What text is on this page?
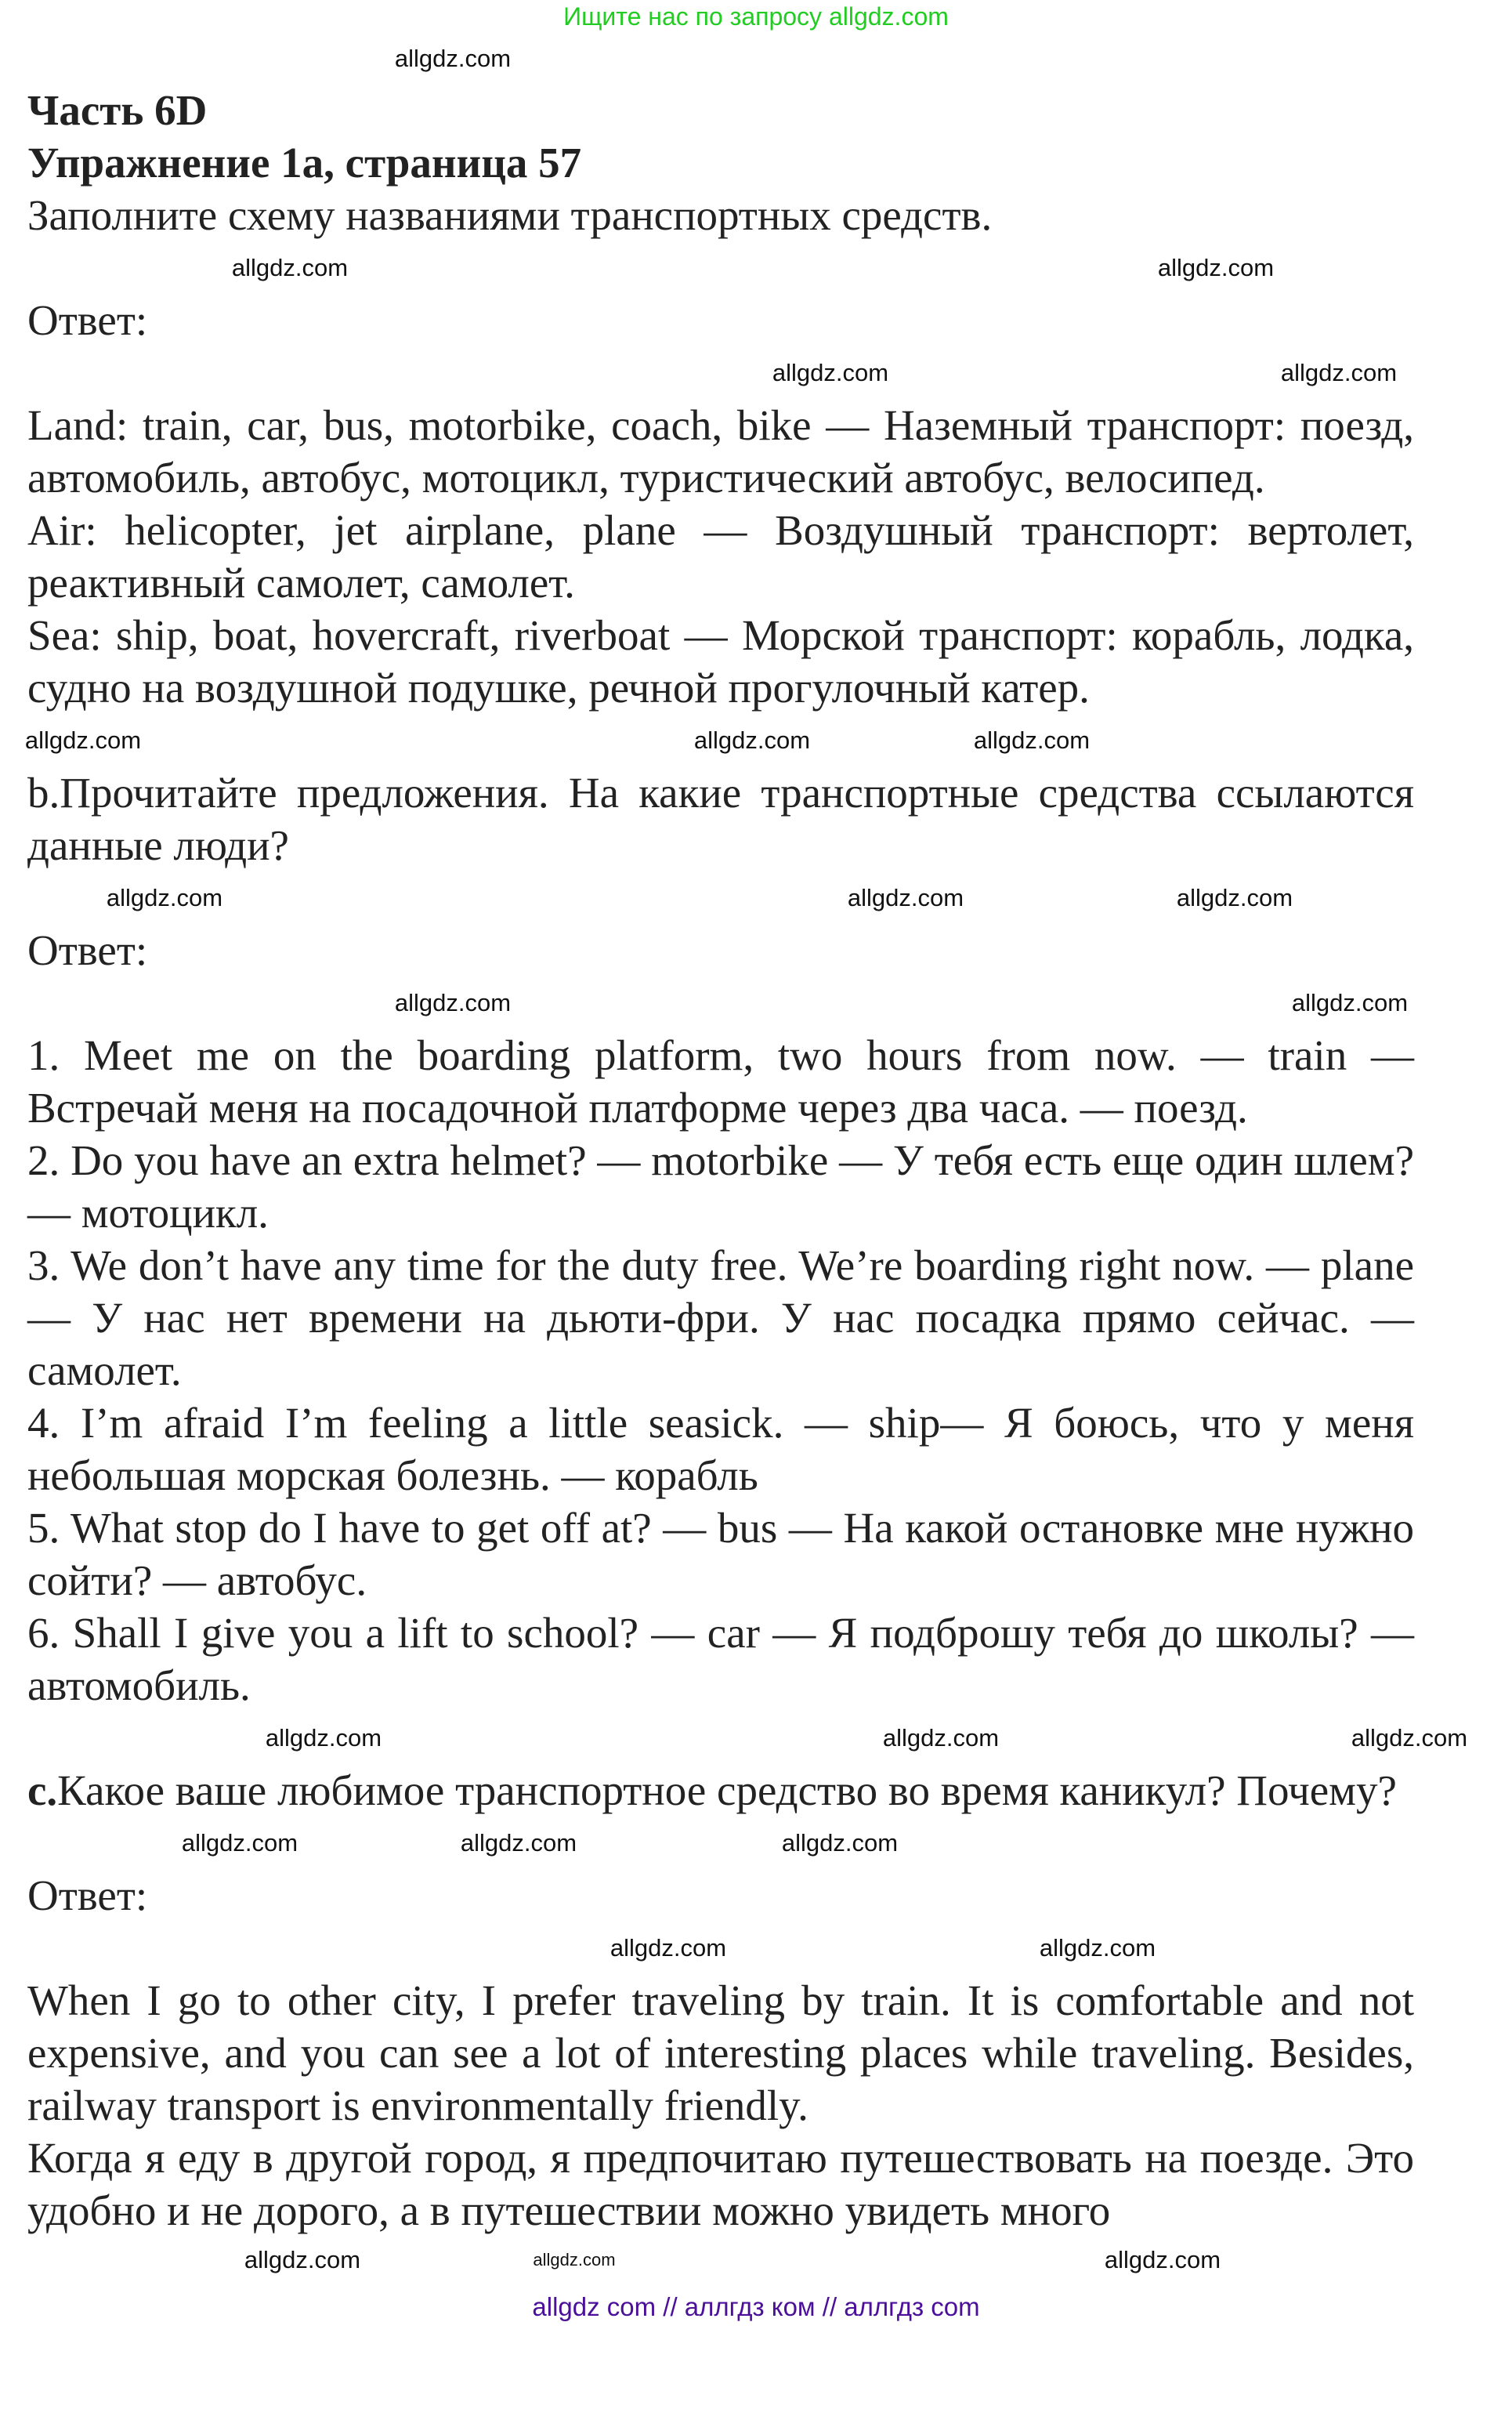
Ищите нас по запросу allgdz.com
allgdz.com

Часть 6D

Упражнение 1a, страница 57

Заполните схему названиями транспортных средств.

allgdz.com	allgdz.com

Ответ:

allgdz.com	allgdz.com

Land: train, car, bus, motorbike, coach, bike — Наземный транспорт: поезд, автомобиль, автобус, мотоцикл, туристический автобус, велосипед.

Air: helicopter, jet airplane, plane — Воздушный транспорт: вертолет, реактивный самолет, самолет.

Sea: ship, boat, hovercraft, riverboat — Морской транспорт: корабль, лодка, судно на воздушной подушке, речной прогулочный катер.

allgdz.com	allgdz.com	allgdz.com

b.Прочитайте предложения. На какие транспортные средства ссылаются данные люди?

allgdz.com	allgdz.com	allgdz.com

Ответ:

allgdz.com	allgdz.com

1. Meet me on the boarding platform, two hours from now. — train — Встречай меня на посадочной платформе через два часа. — поезд.

2. Do you have an extra helmet? — motorbike — У тебя есть еще один шлем? — мотоцикл.

3. We don’t have any time for the duty free. We’re boarding right now. — plane — У нас нет времени на дьюти-фри. У нас посадка прямо сейчас. — самолет.

4. I’m afraid I’m feeling a little seasick. — ship— Я боюсь, что у меня небольшая морская болезнь. — корабль

5. What stop do I have to get off at? — bus — На какой остановке мне нужно сойти? — автобус.

6. Shall I give you a lift to school? — car — Я подброшу тебя до школы? — автомобиль.

allgdz.com	allgdz.com	allgdz.com

c.Какое ваше любимое транспортное средство во время каникул? Почему?

allgdz.com	allgdz.com	allgdz.com

Ответ:

allgdz.com	allgdz.com

When I go to other city, I prefer traveling by train. It is comfortable and not expensive, and you can see a lot of interesting places while traveling. Besides, railway transport is environmentally friendly.

Когда я еду в другой город, я предпочитаю путешествовать на поезде. Это удобно и не дорого, а в путешествии можно увидеть много

allgdz.com	allgdz.com	allgdz.com
allgdz com // аллгдз ком // аллгдз com
